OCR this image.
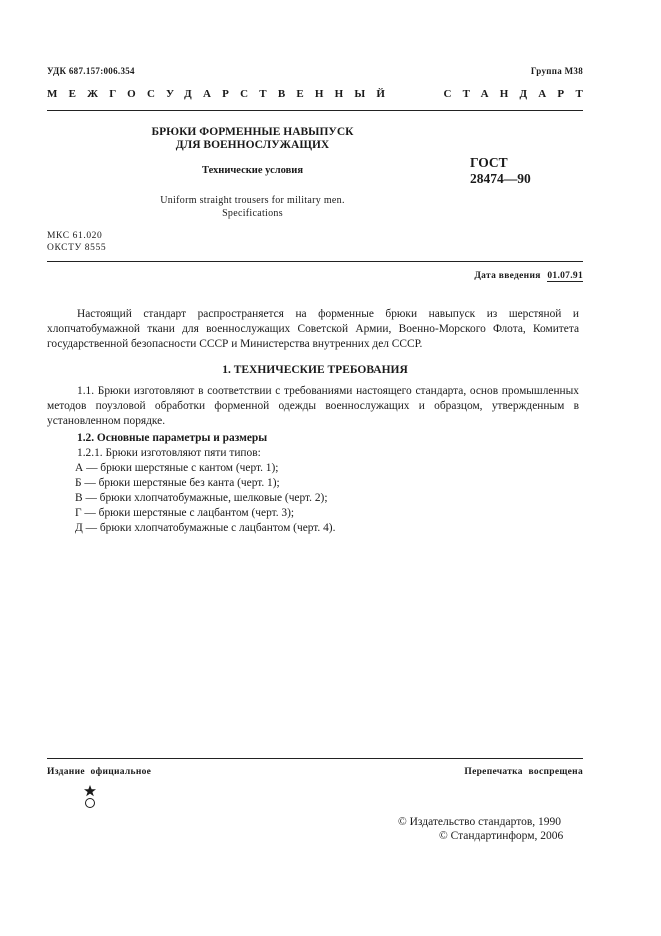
УДК 687.157:006.354	Группа М38
МЕЖГОСУДАРСТВЕННЫЙ	СТАНДАРТ
БРЮКИ ФОРМЕННЫЕ НАВЫПУСК
ДЛЯ ВОЕННОСЛУЖАЩИХ
Технические условия
Uniform straight trousers for military men.
Specifications
ГОСТ
28474—90
МКС 61.020
ОКСТУ 8555
Дата введения 01.07.91
Настоящий стандарт распространяется на форменные брюки навыпуск из шерстяной и хлопчатобумажной ткани для военнослужащих Советской Армии, Военно-Морского Флота, Комитета государственной безопасности СССР и Министерства внутренних дел СССР.
1. ТЕХНИЧЕСКИЕ ТРЕБОВАНИЯ
1.1. Брюки изготовляют в соответствии с требованиями настоящего стандарта, основ промышленных методов поузловой обработки форменной одежды военнослужащих и образцом, утвержденным в установленном порядке.
1.2. Основные параметры и размеры
1.2.1. Брюки изготовляют пяти типов:
А — брюки шерстяные с кантом (черт. 1);
Б — брюки шерстяные без канта (черт. 1);
В — брюки хлопчатобумажные, шелковые (черт. 2);
Г — брюки шерстяные с лацбантом (черт. 3);
Д — брюки хлопчатобумажные с лацбантом (черт. 4).
Издание официальное	Перепечатка воспрещена
© Издательство стандартов, 1990
© Стандартинформ, 2006
